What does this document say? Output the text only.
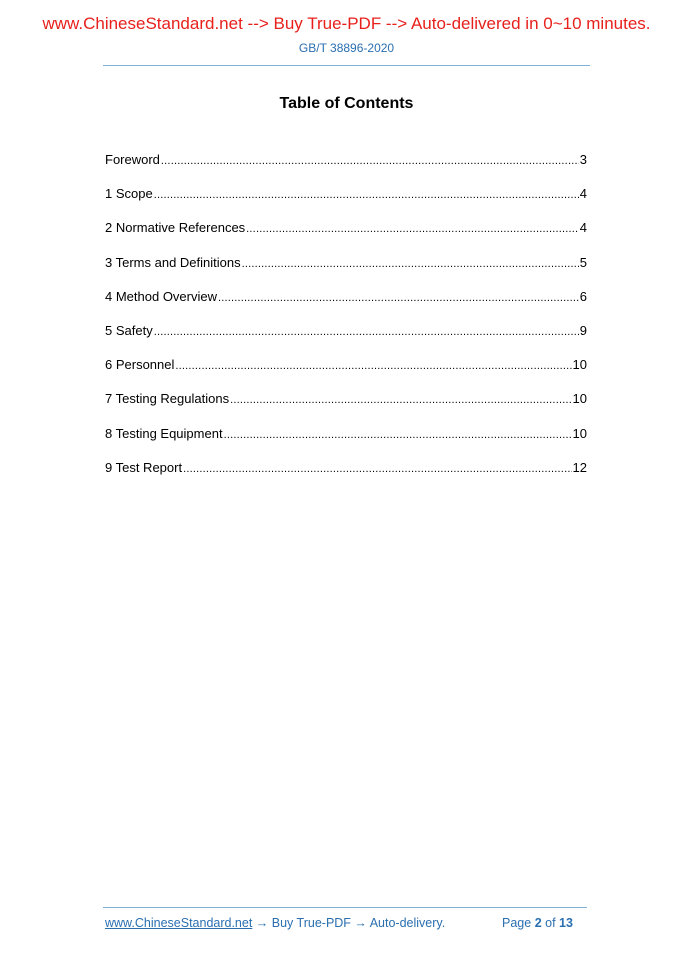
www.ChineseStandard.net --> Buy True-PDF --> Auto-delivered in 0~10 minutes.
GB/T 38896-2020
Table of Contents
Foreword .....	3
1 Scope .....	4
2 Normative References .....	4
3 Terms and Definitions .....	5
4 Method Overview .....	6
5 Safety .....	9
6 Personnel .....	10
7 Testing Regulations .....	10
8 Testing Equipment .....	10
9 Test Report .....	12
www.ChineseStandard.net → Buy True-PDF → Auto-delivery.	Page 2 of 13
